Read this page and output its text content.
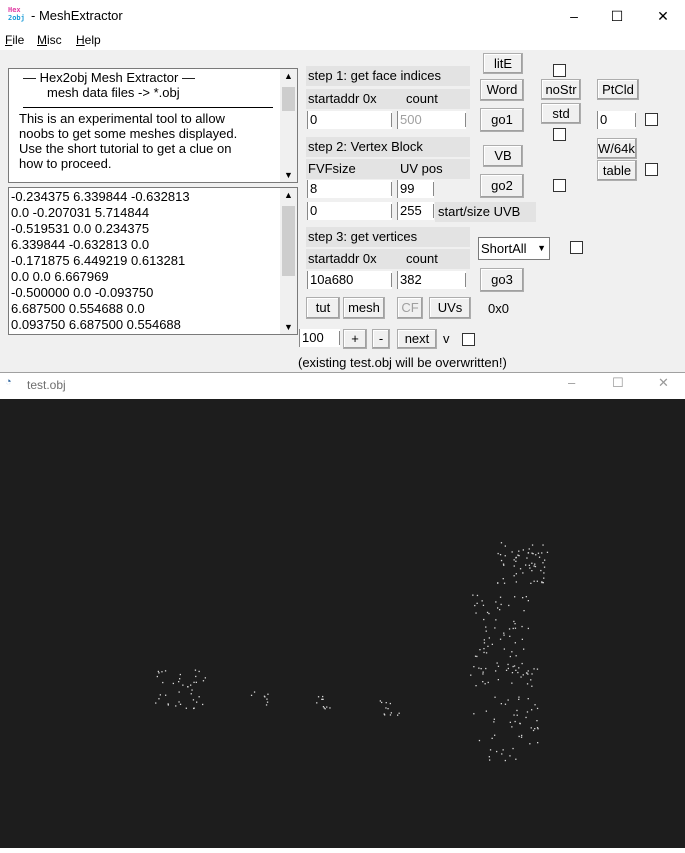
Hex
2obj - MeshExtractor	–	☐	✕
File Misc Help
— Hex2obj Mesh Extractor —
mesh data files -> *.obj
This is an experimental tool to allow
noobs to get some meshes displayed.
Use the short tutorial to get a clue on
how to proceed.
▲
▼
-0.234375 6.339844 -0.632813
0.0 -0.207031 5.714844
-0.519531 0.0 0.234375
6.339844 -0.632813 0.0
-0.171875 6.449219 0.613281
0.0 0.0 6.667969
-0.500000 0.0 -0.093750
6.687500 0.554688 0.0
0.093750 6.687500 0.554688
▲
▼
step 1: get face indices
startaddr 0x count
0	500
step 2: Vertex Block
FVFsize	UV pos
8	99
0	255	start/size UVB
step 3: get vertices
startaddr 0x count
10a680	382
tut	mesh	CF	UVs	0x0
100	+	-	next	v
(existing test.obj will be overwritten!)
litE
Word
go1
VB
go2
ShortAll ▼
go3
noStr
std
PtCld
0
W/64k
table
◔ test.obj	–	☐	✕
